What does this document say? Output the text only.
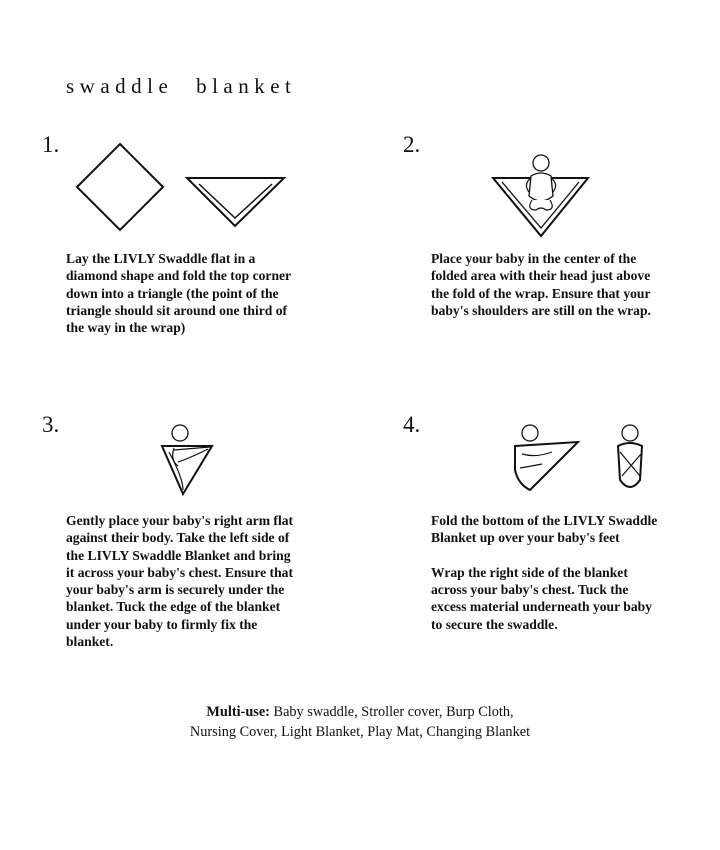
swaddle blanket
1.
Lay the LIVLY Swaddle flat in a
diamond shape and fold the top corner
down into a triangle (the point of the
triangle should sit around one third of
the way in the wrap)
2.
Place your baby in the center of the
folded area with their head just above
the fold of the wrap. Ensure that your
baby's shoulders are still on the wrap.
3.
Gently place your baby's right arm flat
against their body. Take the left side of
the LIVLY Swaddle Blanket and bring
it across your baby's chest. Ensure that
your baby's arm is securely under the
blanket. Tuck the edge of the blanket
under your baby to firmly fix the
blanket.
4.
Fold the bottom of the LIVLY Swaddle
Blanket up over your baby's feet
Wrap the right side of the blanket
across your baby's chest. Tuck the
excess material underneath your baby
to secure the swaddle.
Multi-use: Baby swaddle, Stroller cover, Burp Cloth,
Nursing Cover, Light Blanket, Play Mat, Changing Blanket
